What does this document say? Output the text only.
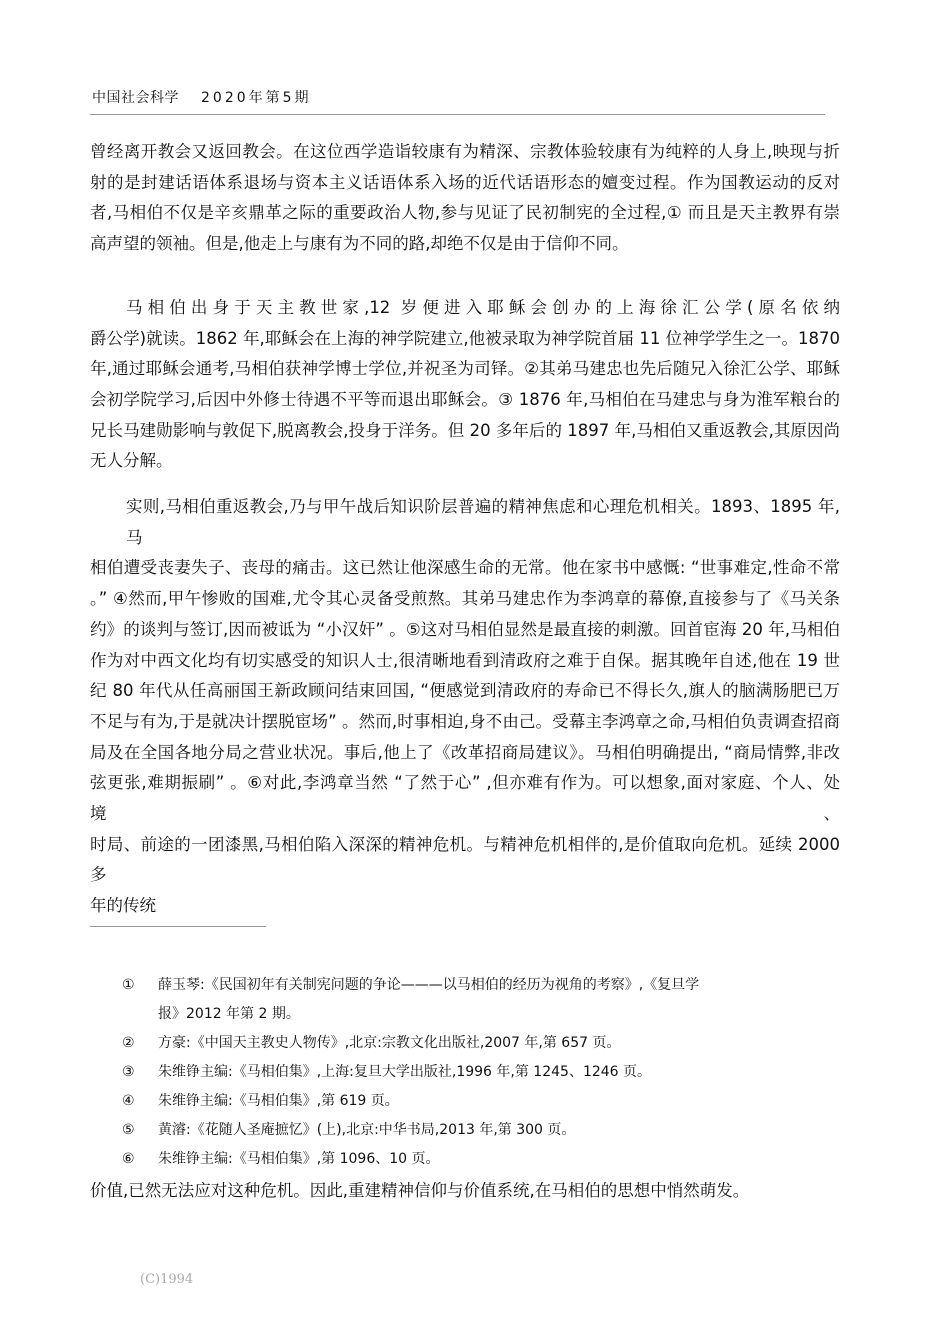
中国社会科学 2020年第5期
曾经离开教会又返回教会。在这位西学造诣较康有为精深、宗教体验较康有为纯粹的人身上,映现与折
射的是封建话语体系退场与资本主义话语体系入场的近代话语形态的嬗变过程。作为国教运动的反对
者,马相伯不仅是辛亥鼎革之际的重要政治人物,参与见证了民初制宪的全过程,① 而且是天主教界有崇
高声望的领袖。但是,他走上与康有为不同的路,却绝不仅是由于信仰不同。
马相伯出身于天主教世家,12 岁便进入耶稣会创办的上海徐汇公学(原名依纳
爵公学)就读。1862 年,耶稣会在上海的神学院建立,他被录取为神学院首届 11 位神学学生之一。1870
年,通过耶稣会通考,马相伯获神学博士学位,并祝圣为司铎。②其弟马建忠也先后随兄入徐汇公学、耶稣
会初学院学习,后因中外修士待遇不平等而退出耶稣会。③ 1876 年,马相伯在马建忠与身为淮军粮台的
兄长马建勋影响与敦促下,脱离教会,投身于洋务。但 20 多年后的 1897 年,马相伯又重返教会,其原因尚
无人分解。
实则,马相伯重返教会,乃与甲午战后知识阶层普遍的精神焦虑和心理危机相关。1893、1895 年,马
相伯遭受丧妻失子、丧母的痛击。这已然让他深感生命的无常。他在家书中感慨: “世事难定,性命不常
。” ④然而,甲午惨败的国难,尤令其心灵备受煎熬。其弟马建忠作为李鸿章的幕僚,直接参与了《马关条
约》的谈判与签订,因而被诋为 “小汉奸” 。⑤这对马相伯显然是最直接的刺激。回首宦海 20 年,马相伯
作为对中西文化均有切实感受的知识人士,很清晰地看到清政府之难于自保。据其晚年自述,他在 19 世
纪 80 年代从任高丽国王新政顾问结束回国, “便感觉到清政府的寿命已不得长久,旗人的脑满肠肥已万
不足与有为,于是就决计摆脱宦场” 。然而,时事相迫,身不由己。受幕主李鸿章之命,马相伯负责调查招商
局及在全国各地分局之营业状况。事后,他上了《改革招商局建议》。马相伯明确提出, “商局情弊,非改
弦更张,难期振刷” 。⑥对此,李鸿章当然 “了然于心” ,但亦难有作为。可以想象,面对家庭、个人、处境、
时局、前途的一团漆黑,马相伯陷入深深的精神危机。与精神危机相伴的,是价值取向危机。延续 2000 多
年的传统
① 薛玉琴:《民国初年有关制宪问题的争论———以马相伯的经历为视角的考察》,《复旦学
报》2012 年第 2 期。
② 方豪:《中国天主教史人物传》,北京:宗教文化出版社,2007 年,第 657 页。
③ 朱维铮主编:《马相伯集》,上海:复旦大学出版社,1996 年,第 1245、1246 页。
④ 朱维铮主编:《马相伯集》,第 619 页。
⑤ 黄濬:《花随人圣庵摭忆》(上),北京:中华书局,2013 年,第 300 页。
⑥ 朱维铮主编:《马相伯集》,第 1096、10 页。
价值,已然无法应对这种危机。因此,重建精神信仰与价值系统,在马相伯的思想中悄然萌发。
(C)1994
